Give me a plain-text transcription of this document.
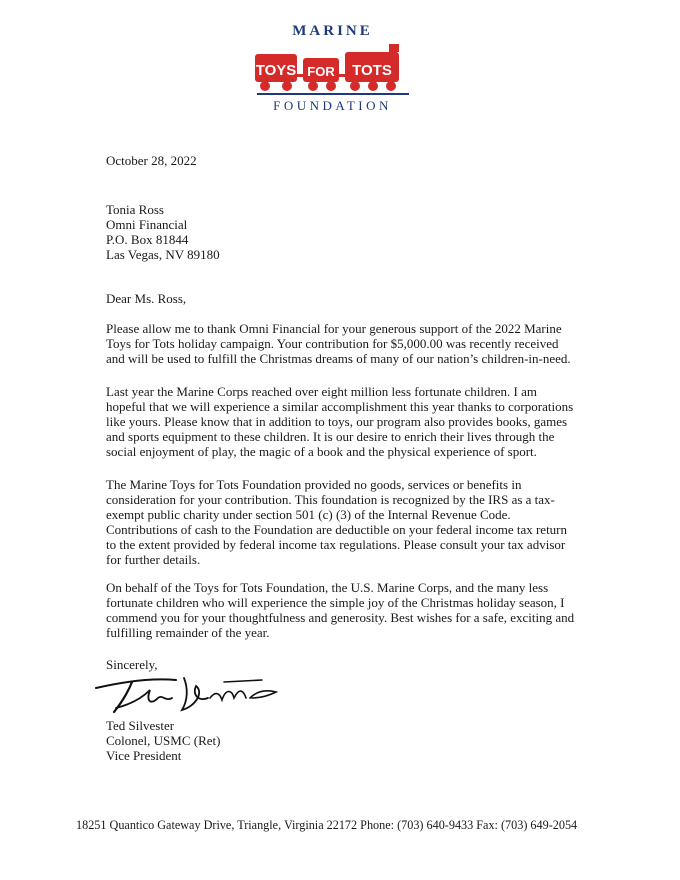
MARINE
TOYS FOR TOTS
FOUNDATION

October 28, 2022

Tonia Ross
Omni Financial
P.O. Box 81844
Las Vegas, NV 89180

Dear Ms. Ross,

Please allow me to thank Omni Financial for your generous support of the 2022 Marine Toys for Tots holiday campaign. Your contribution for $5,000.00 was recently received and will be used to fulfill the Christmas dreams of many of our nation’s children-in-need.

Last year the Marine Corps reached over eight million less fortunate children. I am hopeful that we will experience a similar accomplishment this year thanks to corporations like yours. Please know that in addition to toys, our program also provides books, games and sports equipment to these children. It is our desire to enrich their lives through the social enjoyment of play, the magic of a book and the physical experience of sport.

The Marine Toys for Tots Foundation provided no goods, services or benefits in consideration for your contribution. This foundation is recognized by the IRS as a tax-exempt public charity under section 501 (c) (3) of the Internal Revenue Code. Contributions of cash to the Foundation are deductible on your federal income tax return to the extent provided by federal income tax regulations. Please consult your tax advisor for further details.

On behalf of the Toys for Tots Foundation, the U.S. Marine Corps, and the many less fortunate children who will experience the simple joy of the Christmas holiday season, I commend you for your thoughtfulness and generosity. Best wishes for a safe, exciting and fulfilling remainder of the year.

Sincerely,

Ted Silvester
Colonel, USMC (Ret)
Vice President
18251 Quantico Gateway Drive, Triangle, Virginia 22172 Phone: (703) 640-9433 Fax: (703) 649-2054
